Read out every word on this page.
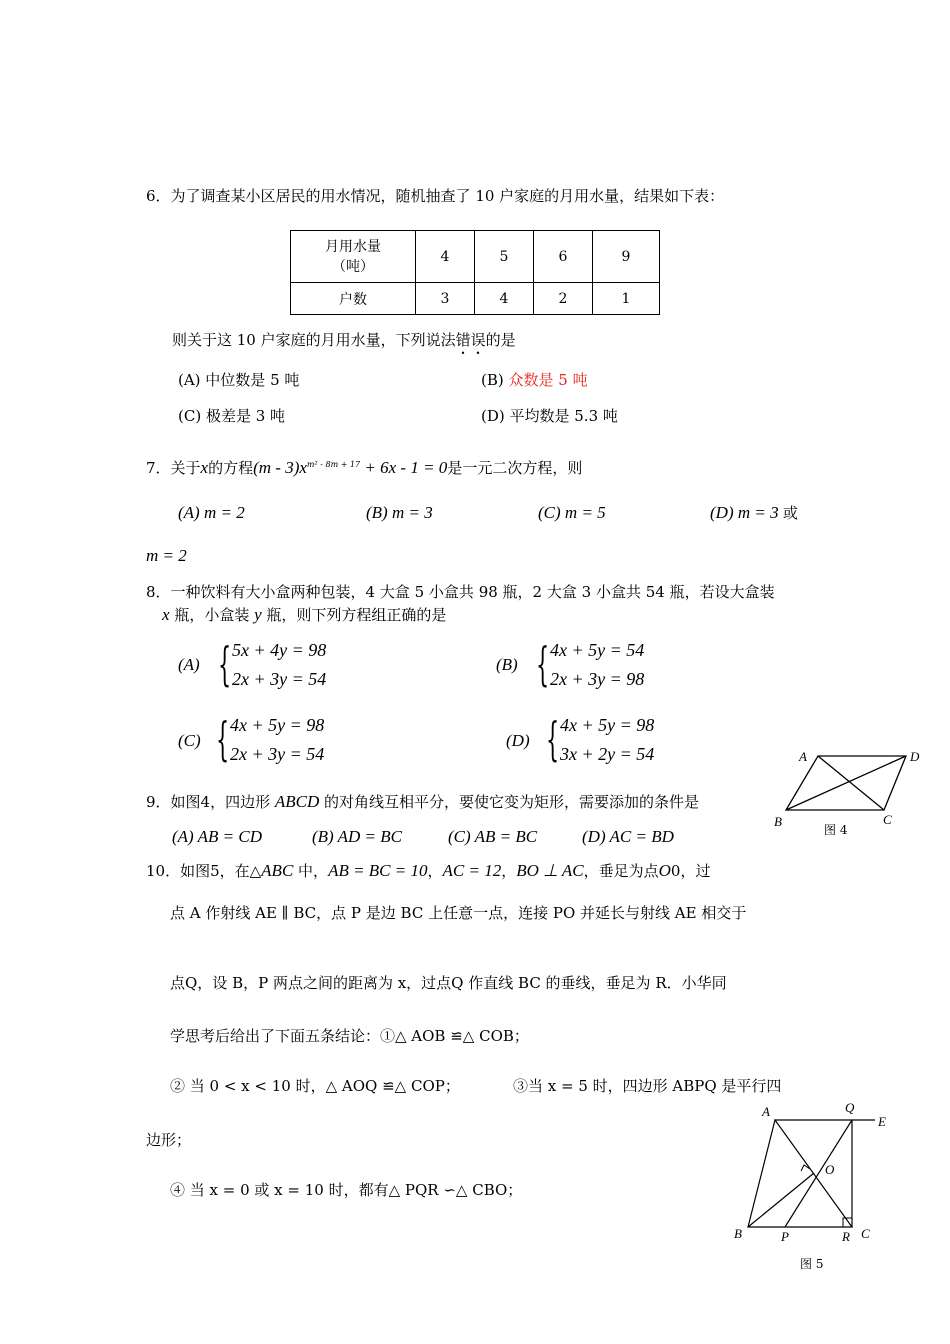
6．为了调查某小区居民的用水情况，随机抽查了 10 户家庭的月用水量，结果如下表：
月用水量
（吨）	4	5	6	9
户数	3	4	2	1
则关于这 10 户家庭的月用水量，下列说法错误的是
(A) 中位数是 5 吨	(B) 众数是 5 吨
(C) 极差是 3 吨	(D) 平均数是 5.3 吨
7．关于x的方程$(m - 3)x^{m^2 - 8m + 17} + 6x - 1 = 0$是一元二次方程，则
(A) m = 2	(B) m = 3	(C) m = 5	(D) m = 3 或
m = 2
8．一种饮料有大小盒两种包装，4 大盒 5 小盒共 98 瓶，2 大盒 3 小盒共 54 瓶，若设大盒装
x 瓶，小盒装 y 瓶，则下列方程组正确的是
(A) { 5x + 4y = 98
2x + 3y = 54
(B) { 4x + 5y = 54
2x + 3y = 98
(C) { 4x + 5y = 98
2x + 3y = 54
(D) { 4x + 5y = 98
3x + 2y = 54	A	D
B	C
图 4
9．如图4，四边形 ABCD 的对角线互相平分，要使它变为矩形，需要添加的条件是
(A) AB = CD	(B) AD = BC	(C) AB = BC	(D) AC = BD
10．如图5，在△ABC 中，AB = BC = 10，AC = 12，BO ⊥ AC，垂足为点O0，过
点 A 作射线 AE ∥ BC，点 P 是边 BC 上任意一点，连接 PO 并延长与射线 AE 相交于
点Q，设 B，P 两点之间的距离为 x，过点Q 作直线 BC 的垂线，垂足为 R．小华同
学思考后给出了下面五条结论：①△ AOB ≌△ COB；
② 当 0 < x < 10 时，△ AOQ ≌△ COP；	③当 x = 5 时，四边形 ABPQ 是平行四
边形；
④ 当 x = 0 或 x = 10 时，都有△ PQR ∽△ CBO；
A	Q
E
O
B	P	R C
图 5
